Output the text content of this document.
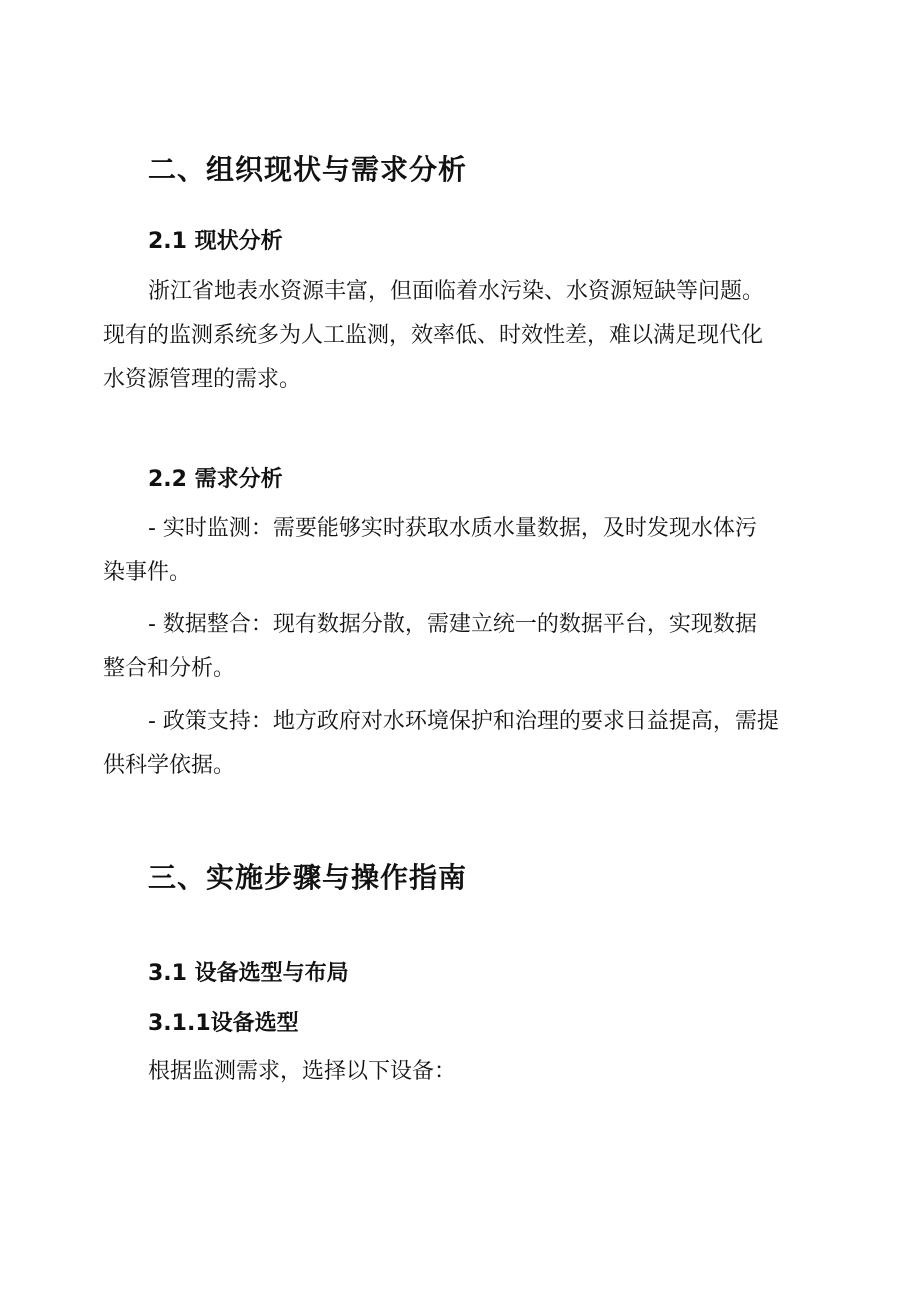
二、组织现状与需求分析
2.1 现状分析
浙江省地表水资源丰富，但面临着水污染、水资源短缺等问题。
现有的监测系统多为人工监测，效率低、时效性差，难以满足现代化
水资源管理的需求。
2.2 需求分析
- 实时监测：需要能够实时获取水质水量数据，及时发现水体污
染事件。
- 数据整合：现有数据分散，需建立统一的数据平台，实现数据
整合和分析。
- 政策支持：地方政府对水环境保护和治理的要求日益提高，需提
供科学依据。
三、实施步骤与操作指南
3.1 设备选型与布局
3.1.1设备选型
根据监测需求，选择以下设备：
